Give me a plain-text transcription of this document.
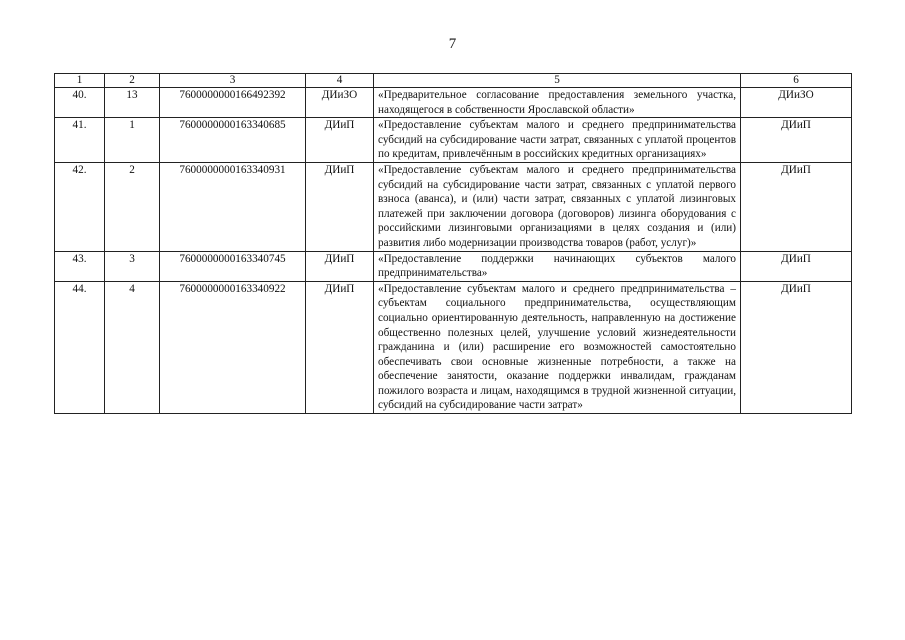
7
1	2	3	4	5	6
40.	13	7600000000166492392	ДИиЗО	«Предварительное согласование предоставления земельного участка, находящегося в собственности Ярославской области»	ДИиЗО
41.	1	7600000000163340685	ДИиП	«Предоставление субъектам малого и среднего предпринимательства субсидий на субсидирование части затрат, связанных с уплатой процентов по кредитам, привлечённым в российских кредитных организациях»	ДИиП
42.	2	7600000000163340931	ДИиП	«Предоставление субъектам малого и среднего предпринимательства субсидий на субсидирование части затрат, связанных с уплатой первого взноса (аванса), и (или) части затрат, связанных с уплатой лизинговых платежей при заключении договора (договоров) лизинга оборудования с российскими лизинговыми организациями в целях создания и (или) развития либо модернизации производства товаров (работ, услуг)»	ДИиП
43.	3	7600000000163340745	ДИиП	«Предоставление поддержки начинающих субъектов малого предпринимательства»	ДИиП
44.	4	7600000000163340922	ДИиП	«Предоставление субъектам малого и среднего предпринимательства – субъектам социального предпринимательства, осуществляющим социально ориентированную деятельность, направленную на достижение общественно полезных целей, улучшение условий жизнедеятельности гражданина и (или) расширение его возможностей самостоятельно обеспечивать свои основные жизненные потребности, а также на обеспечение занятости, оказание поддержки инвалидам, гражданам пожилого возраста и лицам, находящимся в трудной жизненной ситуации, субсидий на субсидирование части затрат»	ДИиП
